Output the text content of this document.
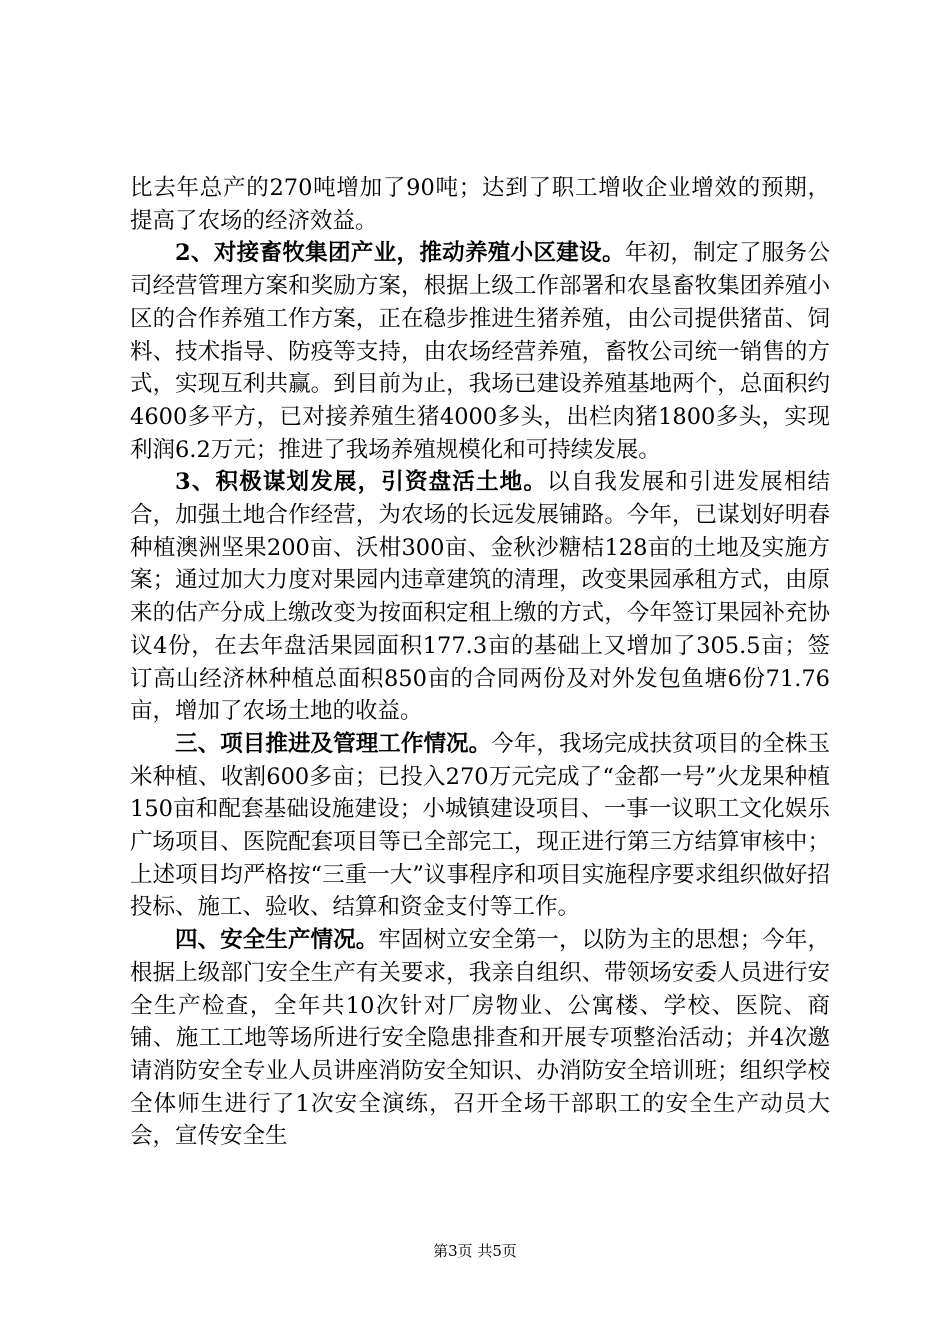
比去年总产的270吨增加了90吨；达到了职工增收企业增效的预期，提高了农场的经济效益。

2、对接畜牧集团产业，推动养殖小区建设。年初，制定了服务公司经营管理方案和奖励方案，根据上级工作部署和农垦畜牧集团养殖小区的合作养殖工作方案，正在稳步推进生猪养殖，由公司提供猪苗、饲料、技术指导、防疫等支持，由农场经营养殖，畜牧公司统一销售的方式，实现互利共赢。到目前为止，我场已建设养殖基地两个，总面积约4600多平方，已对接养殖生猪4000多头，出栏肉猪1800多头，实现利润6.2万元；推进了我场养殖规模化和可持续发展。

3、积极谋划发展，引资盘活土地。以自我发展和引进发展相结合，加强土地合作经营，为农场的长远发展铺路。今年，已谋划好明春种植澳洲坚果200亩、沃柑300亩、金秋沙糖桔128亩的土地及实施方案；通过加大力度对果园内违章建筑的清理，改变果园承租方式，由原来的估产分成上缴改变为按面积定租上缴的方式，今年签订果园补充协议4份，在去年盘活果园面积177.3亩的基础上又增加了305.5亩；签订高山经济林种植总面积850亩的合同两份及对外发包鱼塘6份71.76亩，增加了农场土地的收益。

三、项目推进及管理工作情况。今年，我场完成扶贫项目的全株玉米种植、收割600多亩；已投入270万元完成了“金都一号”火龙果种植150亩和配套基础设施建设；小城镇建设项目、一事一议职工文化娱乐广场项目、医院配套项目等已全部完工，现正进行第三方结算审核中；上述项目均严格按“三重一大”议事程序和项目实施程序要求组织做好招投标、施工、验收、结算和资金支付等工作。

四、安全生产情况。牢固树立安全第一，以防为主的思想；今年，根据上级部门安全生产有关要求，我亲自组织、带领场安委人员进行安全生产检查，全年共10次针对厂房物业、公寓楼、学校、医院、商铺、施工工地等场所进行安全隐患排查和开展专项整治活动；并4次邀请消防安全专业人员讲座消防安全知识、办消防安全培训班；组织学校全体师生进行了1次安全演练，召开全场干部职工的安全生产动员大会，宣传安全生

第3页 共5页
